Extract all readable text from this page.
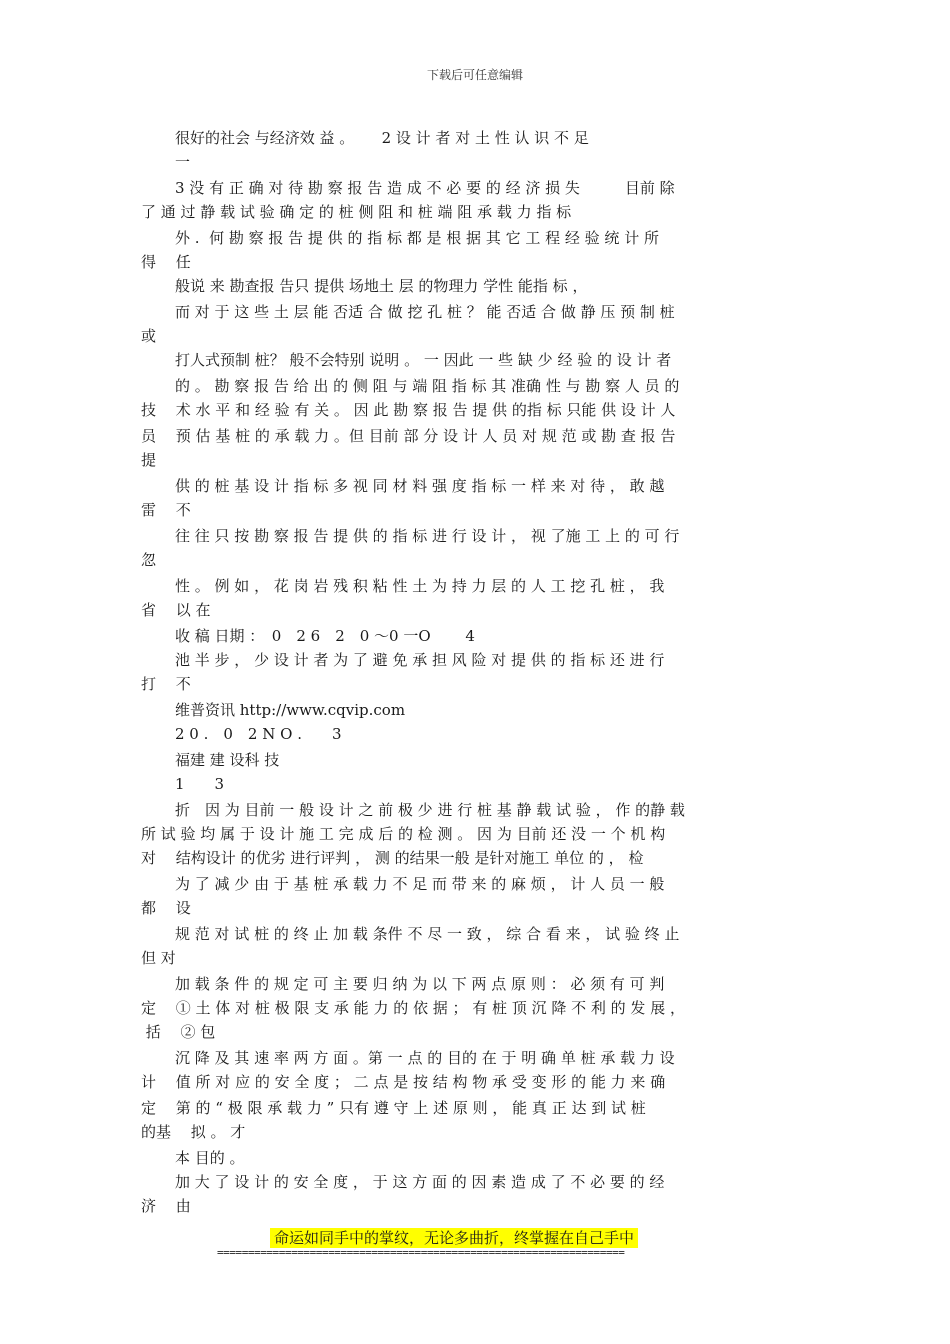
下载后可任意编辑
很好的社会 与经济效 益 。　　 2 设 计 者 对 土 性 认 识 不 足
一
3 没 有 正 确 对 待 勘 察 报 告 造 成 不 必 要 的 经 济 损 失　　　目前 除
了 通 过 静 载 试 验 确 定 的 桩 侧 阻 和 桩 端 阻 承 载 力 指 标
外 .  何 勘 察 报 告 提 供 的 指 标 都 是 根 据 其 它 工 程 经 验 统 计 所
得　 任
般说 来 勘查报 告只 提供 场地土 层 的物理力 学性 能指 标 ，
而 对 于 这 些 土 层 能 否适 合 做 挖 孔 桩 ？ 能 否适 合 做 静 压 预 制 桩
或
打人式预制 桩？ 般不会特别 说明 。 一 因此 一 些 缺 少 经 验 的 设 计 者
的 。 勘 察 报 告 给 出 的 侧 阻 与 端 阻 指 标 其 准确 性 与 勘 察 人 员 的
技　 术 水 平 和 经 验 有 关 。 因 此 勘 察 报 告 提 供 的指 标 只能 供 设 计 人
员　 预 估 基 桩 的 承 载 力 。但 目前 部 分 设 计 人 员 对 规 范 或 勘 查 报 告
提
供 的 桩 基 设 计 指 标 多 视 同 材 料 强 度 指 标 一 样 来 对 待 ， 敢 越
雷　 不
往 往 只 按 勘 察 报 告 提 供 的 指 标 进 行 设 计 ， 视 了施 工 上 的 可 行
忽
性 。 例 如 ， 花 岗 岩 残 积 粘 性 土 为 持 力 层 的 人 工 挖 孔 桩 ， 我
省　 以 在
收 稿 日期 ：　0　2 6　2　0 ～0 一O　　 4
池 半 步 ， 少 设 计 者 为 了 避 免 承 担 风 险 对 提 供 的 指 标 还 进 行
打　 不
维普资讯 http://www.cqvip.com
2 0 .　0　2 N O .　　3
福建 建 设科 技
1　　3
折　因 为 目前 一 般 设 计 之 前 极 少 进 行 桩 基 静 载 试 验 ， 作 的静 载
所 试 验 均 属 于 设 计 施 工 完 成 后 的 检 测 。 因 为 目前 还 没 一 个 机 构
对　 结构设计 的优劣 进行评判 ， 测 的结果一般 是针对施工 单位 的 ， 检
为 了 减 少 由 于 基 桩 承 载 力 不 足 而 带 来 的 麻 烦 ， 计 人 员 一 般
都　 设
规 范 对 试 桩 的 终 止 加 载 条件 不 尽 一 致 ， 综 合 看 来 ， 试 验 终 止
但 对
加 载 条 件 的 规 定 可 主 要 归 纳 为 以 下 两 点 原 则 ： 必 须 有 可 判
定　 ① 土 体 对 桩 极 限 支 承 能 力 的 依 据 ； 有 桩 顶 沉 降 不 利 的 发 展 ，
括　 ② 包
沉 降 及 其 速 率 两 方 面 。第 一 点 的 目的 在 于 明 确 单 桩 承 载 力 设
计　 值 所 对 应 的 安 全 度 ； 二 点 是 按 结 构 物 承 受 变 形 的 能 力 来 确
定　 第 的 “ 极 限 承 载 力 ” 只有 遵 守 上 述 原 则 ， 能 真 正 达 到 试 桩
的基　 拟 。 才
本 目的 。
加 大 了 设 计 的 安 全 度 ， 于 这 方 面 的 因 素 造 成 了 不 必 要 的 经
济　 由
命运如同手中的掌纹，无论多曲折，终掌握在自己手中
==================================================================
